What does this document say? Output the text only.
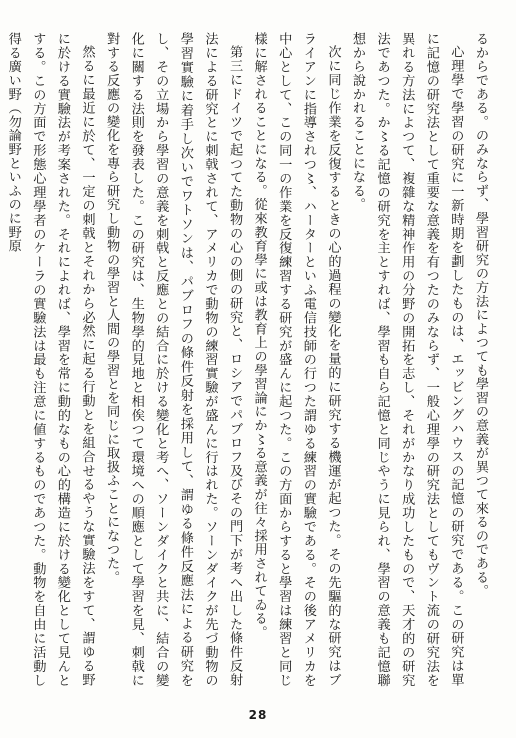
るからである。のみならず、學習研究の方法によつても學習の意義が異つて來るのである。

心理學で學習の研究に一新時期を劃したものは、エッビングハウスの記憶の研究である。この研究は單に記憶の研究法として重要な意義を有つたのみならず、一般心理學の研究法としてもヴント流の研究法を異れる方法によつて、複雜な精神作用の分野の開拓を志し、それがかなり成功したもので、天才的の研究法であつた。か〻る記憶の研究を主とすれば、學習も自ら記憶と同じやうに見られ、學習の意義も記憶聯想から說かれることになる。

次に同じ作業を反復するときの心的過程の變化を量的に研究する機運が起つた。その先驅的な研究はブライアンに指導されつ〻、ハーターといふ電信技師の行つた謂ゆる練習の實驗である。その後アメリカを中心として、この同一の作業を反復練習する研究が盛んに起つた。この方面からすると學習は練習と同じ樣に解されることになる。從來教育學に或は教育上の學習論にか〻る意義が往々採用されてゐる。

第三にドイツで起つてた動物の心の側の研究と、ロシアでパブロフ及びその門下が考へ出した條件反射法による研究とに刺戟されて、アメリカで動物の練習實驗が盛んに行はれた。ソーンダイクが先づ動物の學習實驗に着手し次いでワトソンは、パブロフの條件反射を採用して、謂ゆる條件反應法による研究をし、その立場から學習の意義を刺戟と反應との結合に於ける變化と考へ、ソーンダイクと共に、結合の變化に關する法則を發表した。この研究は、生物學的見地と相俟つて環境への順應として學習を見、刺戟に對する反應の變化を專ら研究し動物の學習と人間の學習とを同じに取扱ふことになつた。

然るに最近に於て、一定の刺戟とそれから必然に起る行動とを組合せるやうな實驗法をすて、謂ゆる野に於ける實驗法が考案された。それによれば、學習を常に動的なもの心的構造に於ける變化として見んとする。この方面で形態心理學者のケーラの實驗法は最も注意に値するものであつた。動物を自由に活動し得る廣い野（勿論野といふのに野原

28
